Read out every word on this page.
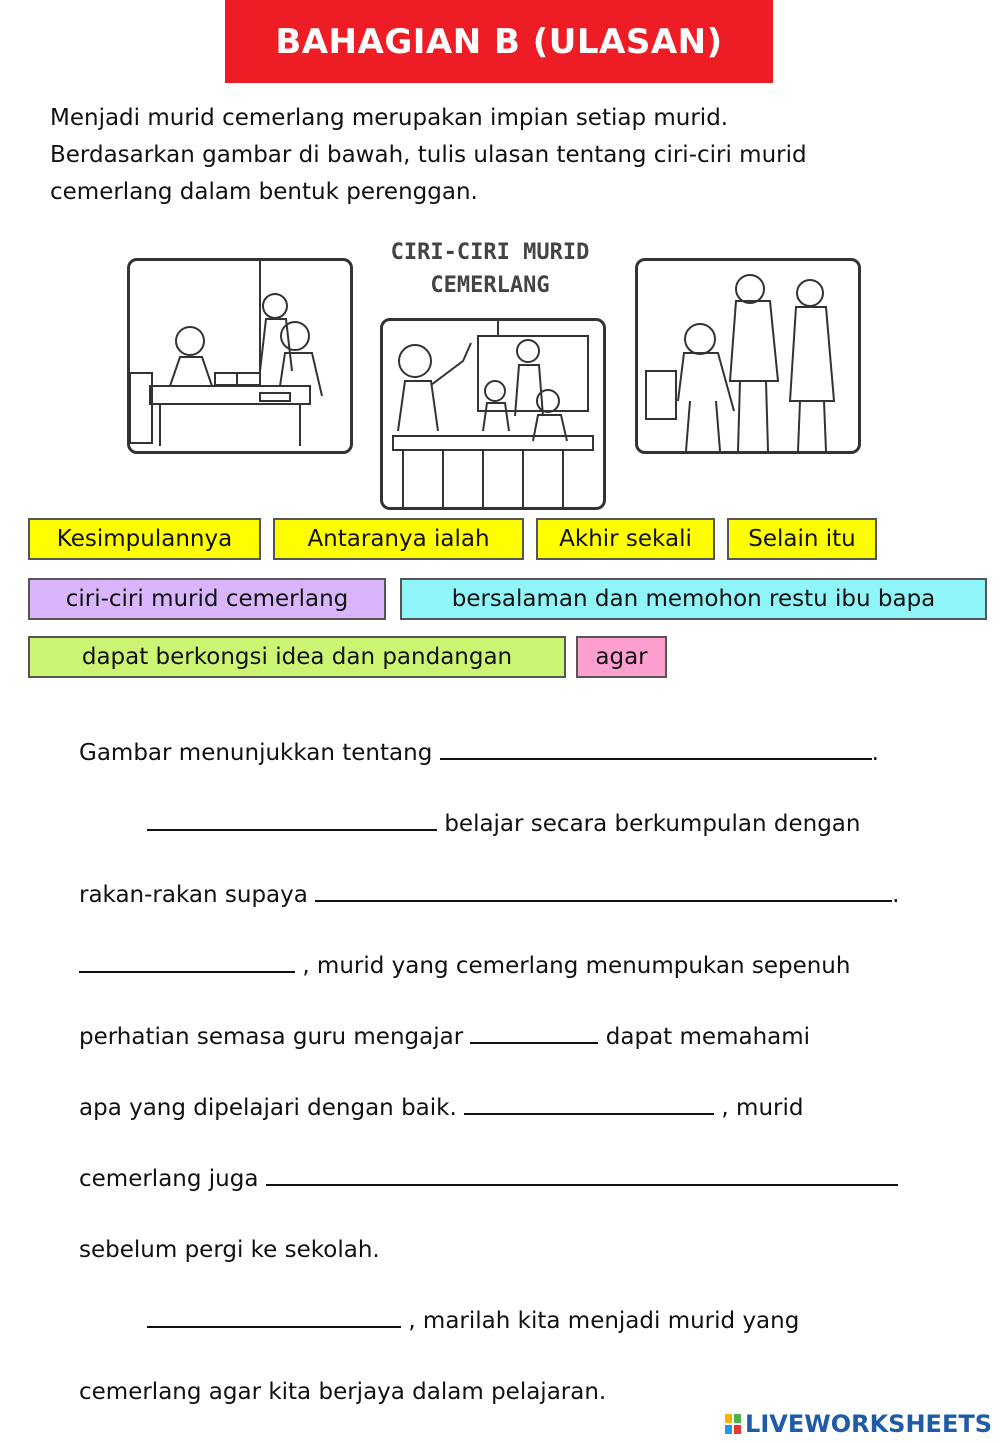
BAHAGIAN B (ULASAN)
Menjadi murid cemerlang merupakan impian setiap murid.
Berdasarkan gambar di bawah, tulis ulasan tentang ciri-ciri murid
cemerlang dalam bentuk perenggan.
CIRI-CIRI MURID
CEMERLANG
Kesimpulannya	Antaranya ialah	Akhir sekali	Selain itu
ciri-ciri murid cemerlang	bersalaman dan memohon restu ibu bapa
dapat berkongsi idea dan pandangan	agar
Gambar menunjukkan tentang	.
belajar secara berkumpulan dengan
rakan-rakan supaya	.
, murid yang cemerlang menumpukan sepenuh
perhatian semasa guru mengajar	dapat memahami
apa yang dipelajari dengan baik.	, murid
cemerlang juga
sebelum pergi ke sekolah.
, marilah kita menjadi murid yang
cemerlang agar kita berjaya dalam pelajaran.
LIVEWORKSHEETS
